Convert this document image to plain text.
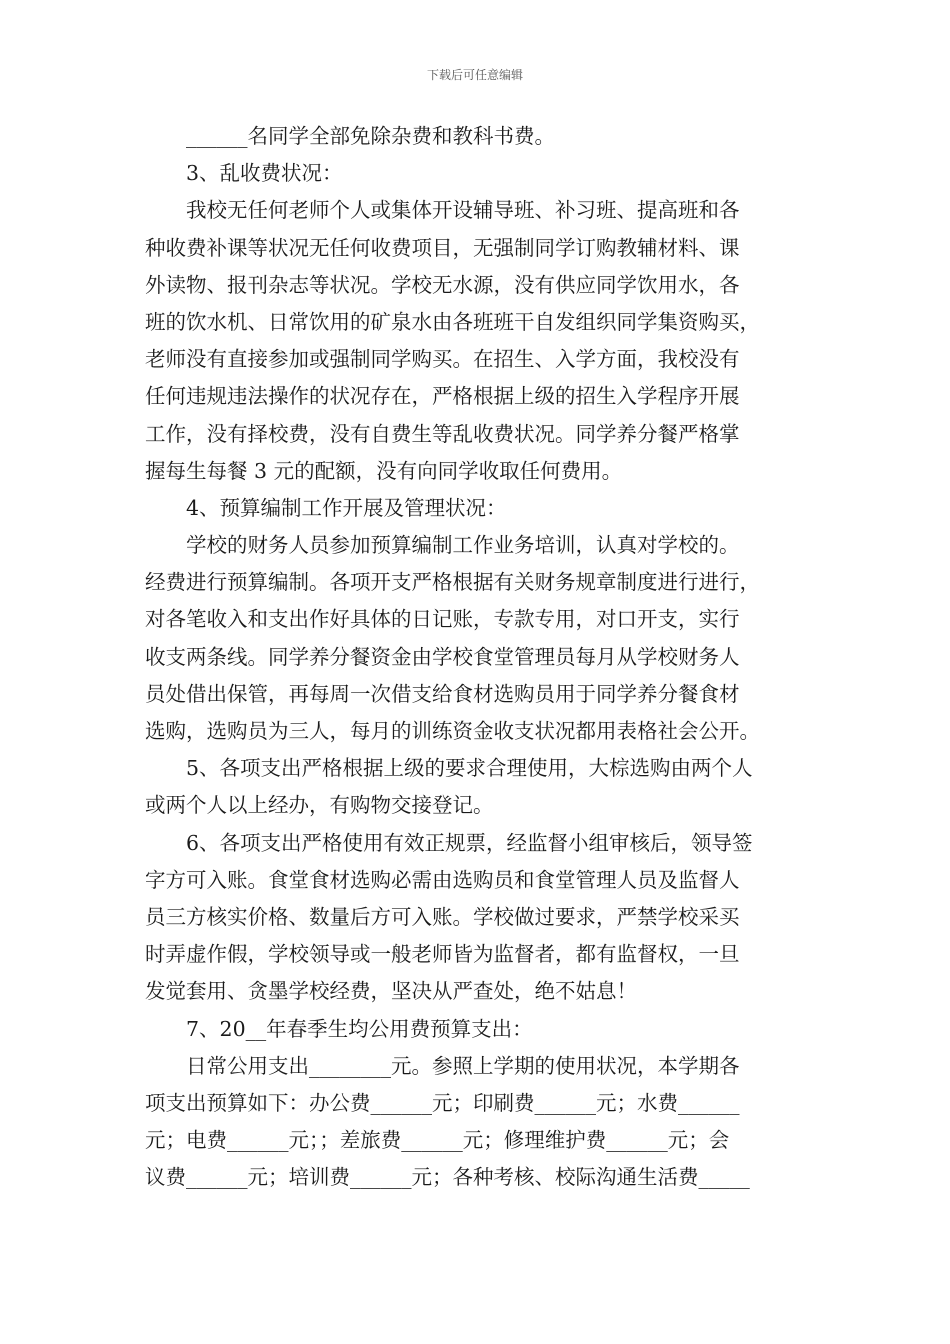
下载后可任意编辑
______名同学全部免除杂费和教科书费。
3、乱收费状况：
我校无任何老师个人或集体开设辅导班、补习班、提高班和各
种收费补课等状况无任何收费项目，无强制同学订购教辅材料、课
外读物、报刊杂志等状况。学校无水源，没有供应同学饮用水，各
班的饮水机、日常饮用的矿泉水由各班班干自发组织同学集资购买，
老师没有直接参加或强制同学购买。在招生、入学方面，我校没有
任何违规违法操作的状况存在，严格根据上级的招生入学程序开展
工作，没有择校费，没有自费生等乱收费状况。同学养分餐严格掌
握每生每餐 3 元的配额，没有向同学收取任何费用。
4、预算编制工作开展及管理状况：
学校的财务人员参加预算编制工作业务培训，认真对学校的。
经费进行预算编制。各项开支严格根据有关财务规章制度进行进行，
对各笔收入和支出作好具体的日记账，专款专用，对口开支，实行
收支两条线。同学养分餐资金由学校食堂管理员每月从学校财务人
员处借出保管，再每周一次借支给食材选购员用于同学养分餐食材
选购，选购员为三人，每月的训练资金收支状况都用表格社会公开。
5、各项支出严格根据上级的要求合理使用，大棕选购由两个人
或两个人以上经办，有购物交接登记。
6、各项支出严格使用有效正规票，经监督小组审核后，领导签
字方可入账。食堂食材选购必需由选购员和食堂管理人员及监督人
员三方核实价格、数量后方可入账。学校做过要求，严禁学校采买
时弄虚作假，学校领导或一般老师皆为监督者，都有监督权，一旦
发觉套用、贪墨学校经费，坚决从严查处，绝不姑息！
7、20__年春季生均公用费预算支出：
日常公用支出________元。参照上学期的使用状况，本学期各
项支出预算如下：办公费______元；印刷费______元；水费______
元；电费______元；；差旅费______元；修理维护费______元；会
议费______元；培训费______元；各种考核、校际沟通生活费_____
